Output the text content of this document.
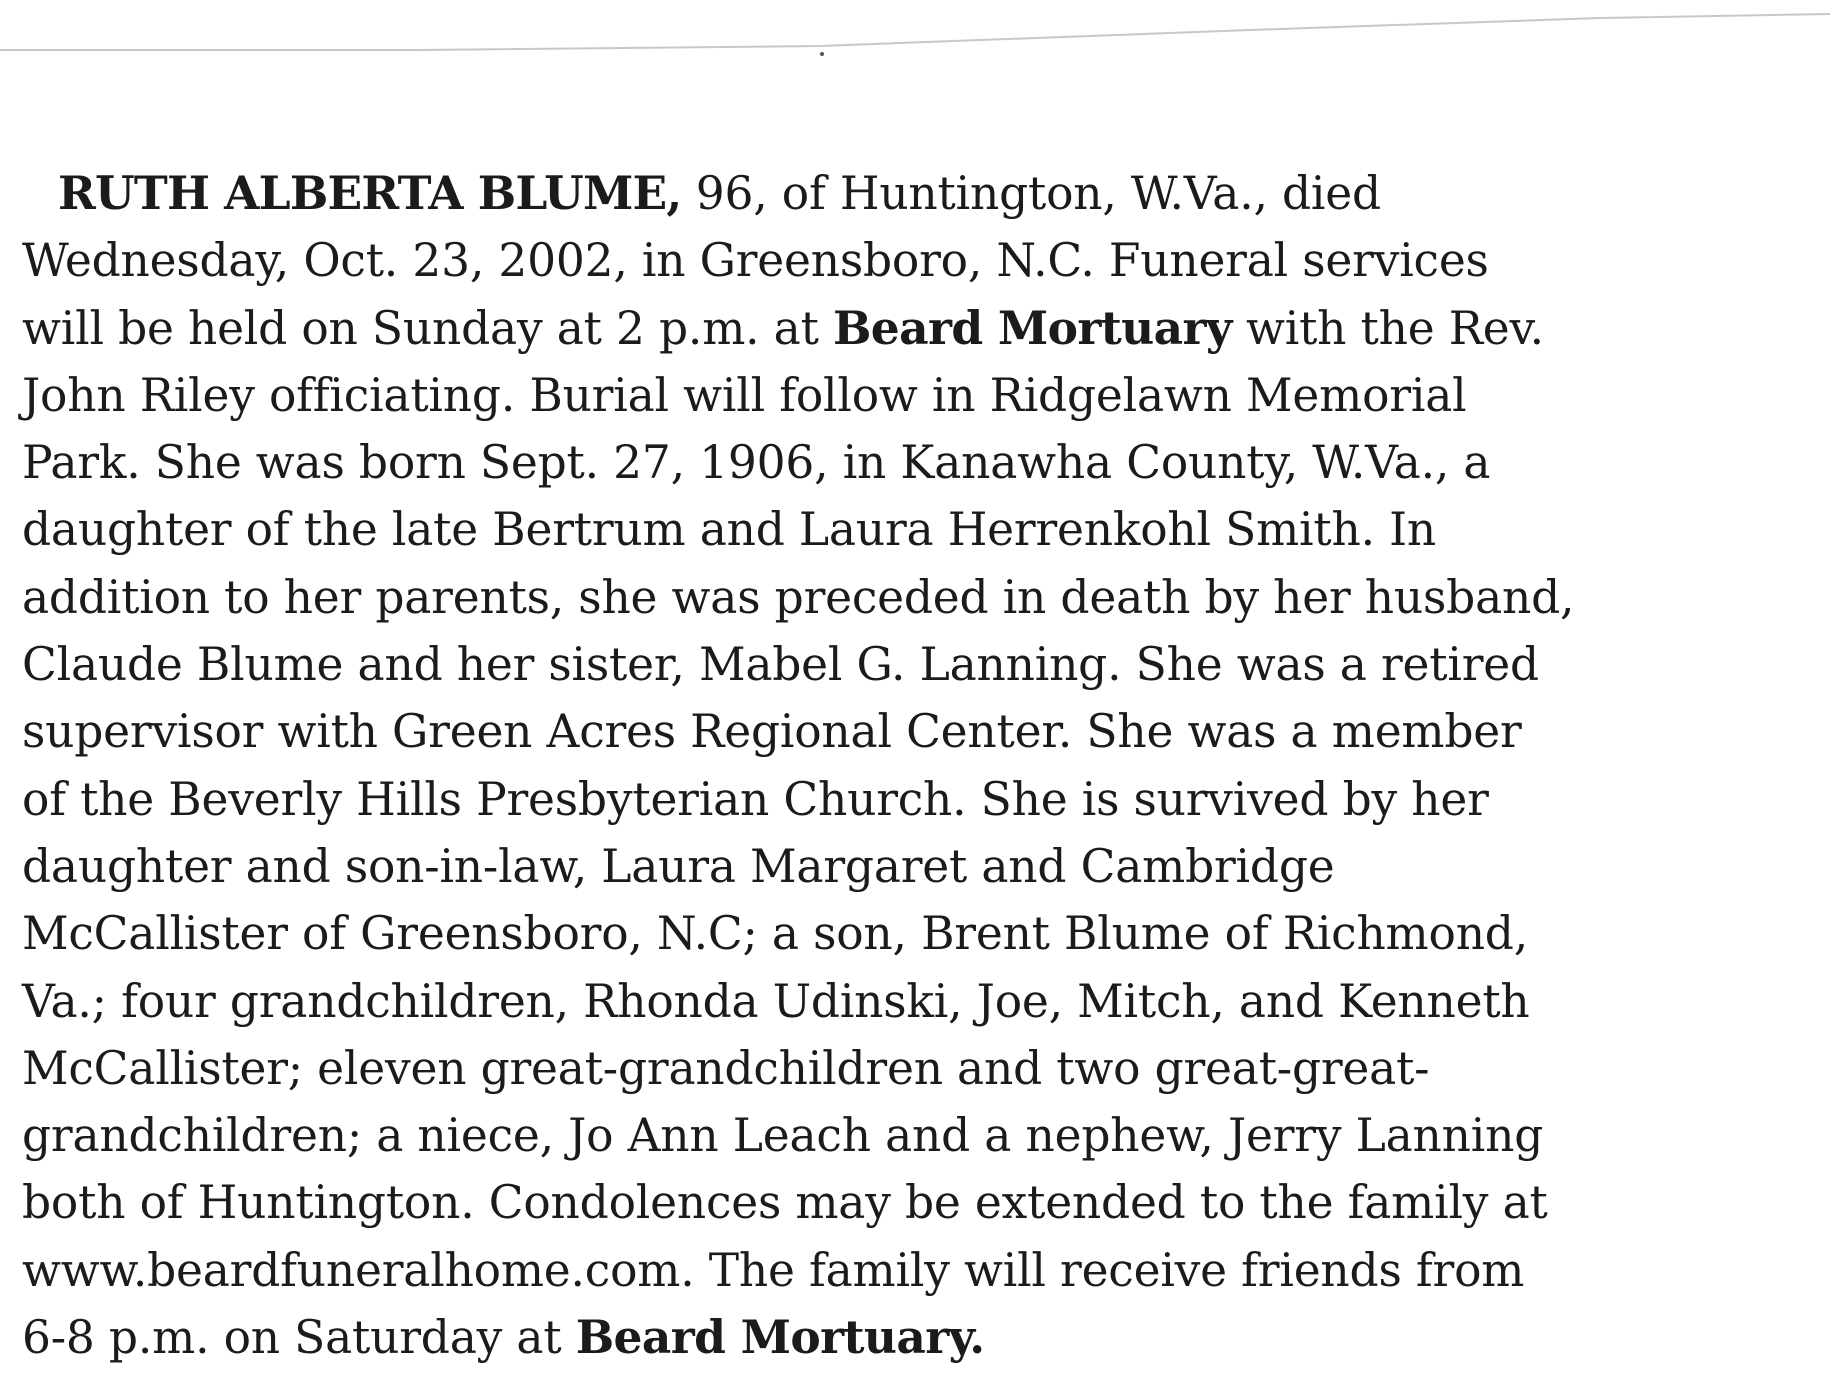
RUTH ALBERTA BLUME, 96, of Huntington, W.Va., died
Wednesday, Oct. 23, 2002, in Greensboro, N.C. Funeral services
will be held on Sunday at 2 p.m. at Beard Mortuary with the Rev.
John Riley officiating. Burial will follow in Ridgelawn Memorial
Park. She was born Sept. 27, 1906, in Kanawha County, W.Va., a
daughter of the late Bertrum and Laura Herrenkohl Smith. In
addition to her parents, she was preceded in death by her husband,
Claude Blume and her sister, Mabel G. Lanning. She was a retired
supervisor with Green Acres Regional Center. She was a member
of the Beverly Hills Presbyterian Church. She is survived by her
daughter and son-in-law, Laura Margaret and Cambridge
McCallister of Greensboro, N.C; a son, Brent Blume of Richmond,
Va.; four grandchildren, Rhonda Udinski, Joe, Mitch, and Kenneth
McCallister; eleven great-grandchildren and two great-great-
grandchildren; a niece, Jo Ann Leach and a nephew, Jerry Lanning
both of Huntington. Condolences may be extended to the family at
www.beardfuneralhome.com. The family will receive friends from
6-8 p.m. on Saturday at Beard Mortuary.
